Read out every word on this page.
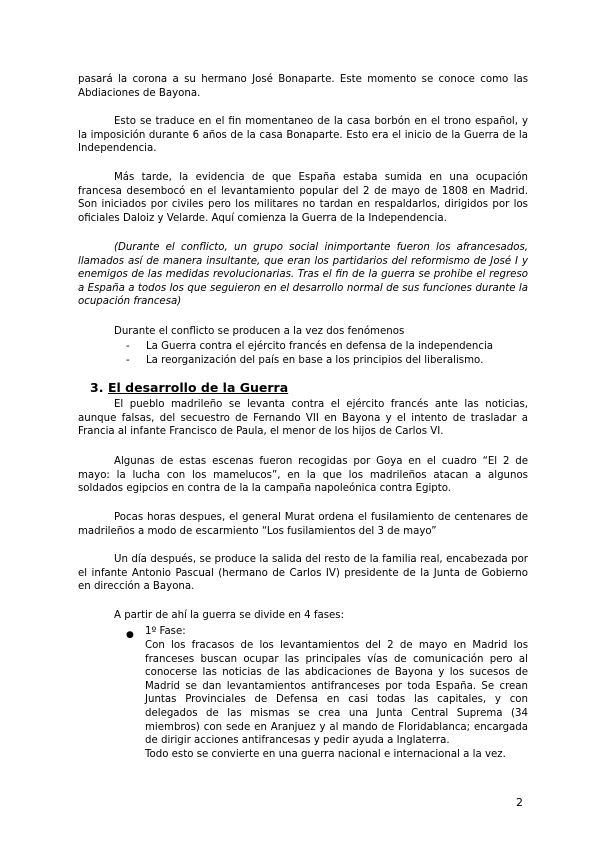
pasará la corona a su hermano José Bonaparte. Este momento se conoce como las Abdiaciones de Bayona.

Esto se traduce en el fin momentaneo de la casa borbón en el trono español, y la imposición durante 6 años de la casa Bonaparte. Esto era el inicio de la Guerra de la Independencia.

Más tarde, la evidencia de que España estaba sumida en una ocupación francesa desembocó en el levantamiento popular del 2 de mayo de 1808 en Madrid. Son iniciados por civiles pero los militares no tardan en respaldarlos, dirigidos por los oficiales Daloiz y Velarde. Aquí comienza la Guerra de la Independencia.

(Durante el conflicto, un grupo social inimportante fueron los afrancesados, llamados así de manera insultante, que eran los partidarios del reformismo de José I y enemigos de las medidas revolucionarias. Tras el fin de la guerra se prohibe el regreso a España a todos los que seguieron en el desarrollo normal de sus funciones durante la ocupación francesa)

Durante el conflicto se producen a la vez dos fenómenos

- La Guerra contra el ejército francés en defensa de la independencia
- La reorganización del país en base a los principios del liberalismo.
3. El desarrollo de la Guerra

El pueblo madrileño se levanta contra el ejército francés ante las noticias, aunque falsas, del secuestro de Fernando VII en Bayona y el intento de trasladar a Francia al infante Francisco de Paula, el menor de los hijos de Carlos VI.

Algunas de estas escenas fueron recogidas por Goya en el cuadro “El 2 de mayo: la lucha con los mamelucos”, en la que los madrileños atacan a algunos soldados egipcios en contra de la la campaña napoleónica contra Egipto.

Pocas horas despues, el general Murat ordena el fusilamiento de centenares de madrileños a modo de escarmiento “Los fusilamientos del 3 de mayo”

Un día después, se produce la salida del resto de la familia real, encabezada por el infante Antonio Pascual (hermano de Carlos IV) presidente de la Junta de Gobierno en dirección a Bayona.

A partir de ahí la guerra se divide en 4 fases:

● 1º Fase:

Con los fracasos de los levantamientos del 2 de mayo en Madrid los franceses buscan ocupar las principales vías de comunicación pero al conocerse las noticias de las abdicaciones de Bayona y los sucesos de Madrid se dan levantamientos antifranceses por toda España. Se crean Juntas Provinciales de Defensa en casi todas las capitales, y con delegados de las mismas se crea una Junta Central Suprema (34 miembros) con sede en Aranjuez y al mando de Floridablanca; encargada de dirigir acciones antifrancesas y pedir ayuda a Inglaterra.

Todo esto se convierte en una guerra nacional e internacional a la vez.

2
